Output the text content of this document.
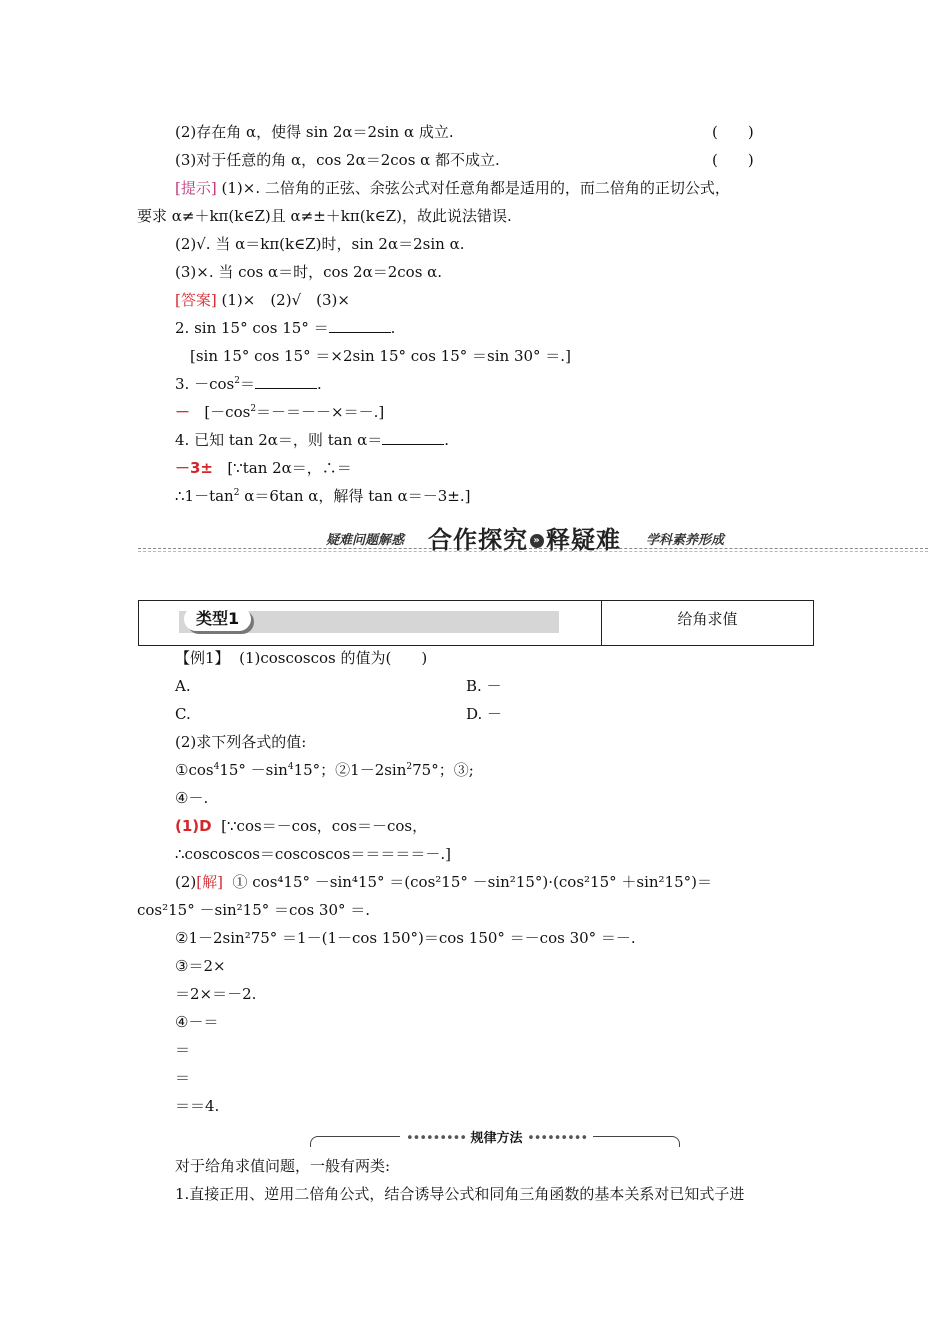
(2)存在角 α，使得 sin 2α＝2sin α 成立.	(　　)
(3)对于任意的角 α，cos 2α＝2cos α 都不成立.	(　　)
[提示] (1)×. 二倍角的正弦、余弦公式对任意角都是适用的，而二倍角的正切公式，
要求 α≠＋kπ(k∈Z)且 α≠±＋kπ(k∈Z)，故此说法错误.
(2)√. 当 α＝kπ(k∈Z)时，sin 2α＝2sin α.
(3)×. 当 cos α＝时，cos 2α＝2cos α.
[答案] (1)×　(2)√　(3)×
2. sin 15° cos 15° ＝	.
[sin 15° cos 15° ＝×2sin 15° cos 15° ＝sin 30° ＝.]
3. $-\cos^2=$	.
－ $[-\cos^2=-=--\times=-.]$
4. 已知 tan 2α＝，则 tan α＝	.
－3± [∵tan 2α＝，∴＝
$\therefore 1-\tan^2$ α＝6tan α，解得 tan α＝－3±.]
疑难问题解惑 合作探究 » 释疑难 学科素养形成
类型1	给角求值
【例1】 (1)coscoscos 的值为(　　)
A.	B. －
C.	D. －
(2)求下列各式的值:
$①\cos^415^\circ -\sin^415^\circ$；$②1-2\sin^275^\circ$；③;
④－.
(1)D [∵cos＝－cos，cos＝－cos，
∴coscoscos＝coscoscos＝＝＝＝＝－.]
(2)[解] ① cos⁴15° －sin⁴15° ＝(cos²15° －sin²15°)·(cos²15° ＋sin²15°)＝
cos²15° －sin²15° ＝cos 30° ＝.
②1－2sin²75° ＝1－(1－cos 150°)＝cos 150° ＝－cos 30° ＝－.
③＝2×
＝2×＝－2.
④－＝
＝
＝
＝＝4.
••••••••• 规律方法 •••••••••
对于给角求值问题，一般有两类:
1.直接正用、逆用二倍角公式，结合诱导公式和同角三角函数的基本关系对已知式子进
